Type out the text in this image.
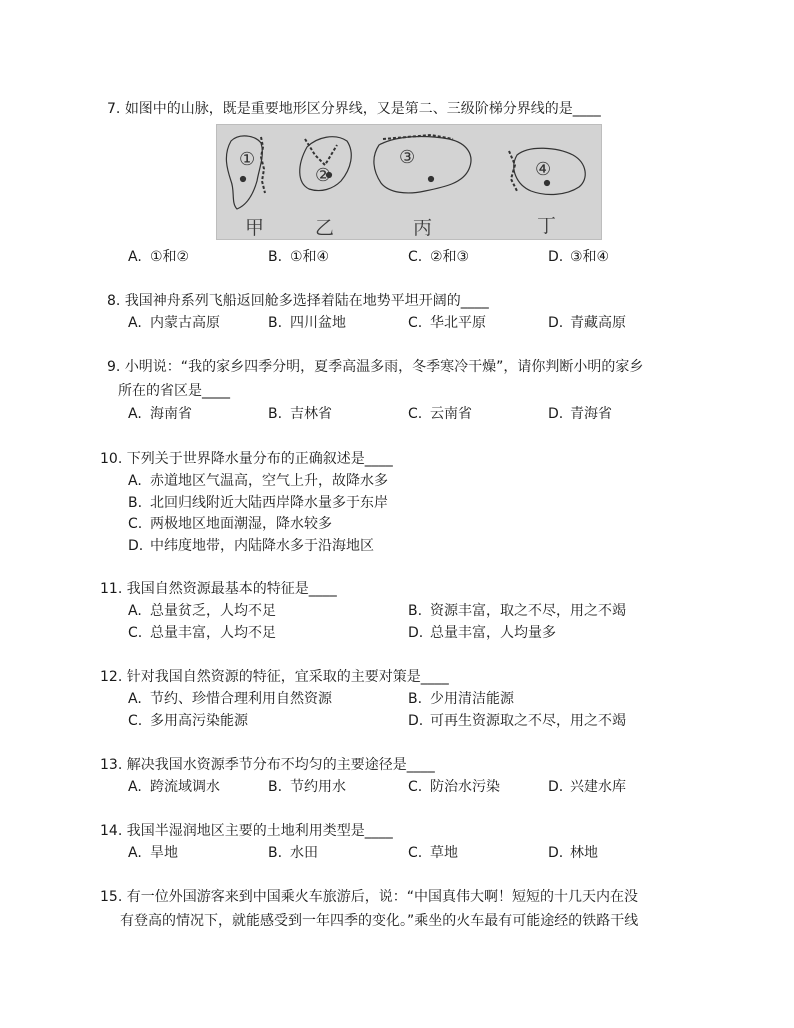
7. 如图中的山脉，既是重要地形区分界线，又是第二、三级阶梯分界线的是____
①
②
③
④
甲	乙	丙	丁
A. ①和②	B. ①和④	C. ②和③	D. ③和④
8. 我国神舟系列飞船返回舱多选择着陆在地势平坦开阔的____
A. 内蒙古高原	B. 四川盆地	C. 华北平原	D. 青藏高原
9. 小明说：“我的家乡四季分明，夏季高温多雨，冬季寒冷干燥”，请你判断小明的家乡
所在的省区是____
A. 海南省	B. 吉林省	C. 云南省	D. 青海省
10. 下列关于世界降水量分布的正确叙述是____
A. 赤道地区气温高，空气上升，故降水多
B. 北回归线附近大陆西岸降水量多于东岸
C. 两极地区地面潮湿，降水较多
D. 中纬度地带，内陆降水多于沿海地区
11. 我国自然资源最基本的特征是____
A. 总量贫乏，人均不足	B. 资源丰富，取之不尽，用之不竭
C. 总量丰富，人均不足	D. 总量丰富，人均量多
12. 针对我国自然资源的特征，宜采取的主要对策是____
A. 节约、珍惜合理利用自然资源	B. 少用清洁能源
C. 多用高污染能源	D. 可再生资源取之不尽，用之不竭
13. 解决我国水资源季节分布不均匀的主要途径是____
A. 跨流域调水	B. 节约用水	C. 防治水污染	D. 兴建水库
14. 我国半湿润地区主要的土地利用类型是____
A. 旱地	B. 水田	C. 草地	D. 林地
15. 有一位外国游客来到中国乘火车旅游后，说：“中国真伟大啊！短短的十几天内在没
有登高的情况下，就能感受到一年四季的变化。”乘坐的火车最有可能途经的铁路干线
